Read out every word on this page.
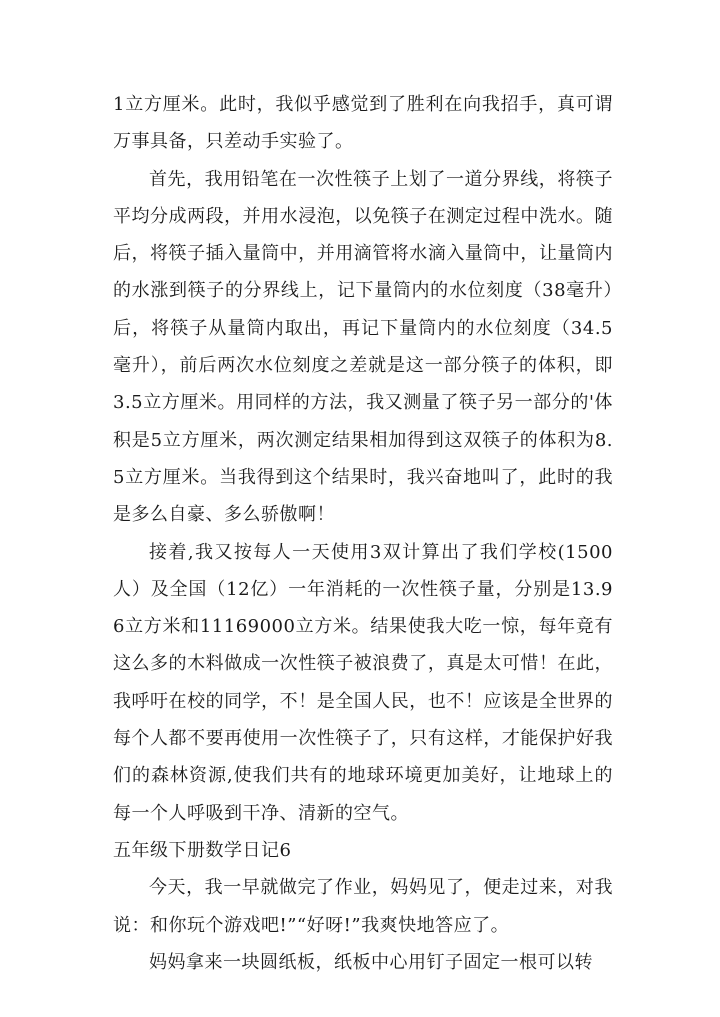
1立方厘米。此时，我似乎感觉到了胜利在向我招手，真可谓万事具备，只差动手实验了。

首先，我用铅笔在一次性筷子上划了一道分界线，将筷子平均分成两段，并用水浸泡，以免筷子在测定过程中洗水。随后，将筷子插入量筒中，并用滴管将水滴入量筒中，让量筒内的水涨到筷子的分界线上，记下量筒内的水位刻度（38毫升）后，将筷子从量筒内取出，再记下量筒内的水位刻度（34.5毫升），前后两次水位刻度之差就是这一部分筷子的体积，即3.5立方厘米。用同样的方法，我又测量了筷子另一部分的'体积是5立方厘米，两次测定结果相加得到这双筷子的体积为8.5立方厘米。当我得到这个结果时，我兴奋地叫了，此时的我是多么自豪、多么骄傲啊！

接着,我又按每人一天使用3双计算出了我们学校(1500人）及全国（12亿）一年消耗的一次性筷子量，分别是13.96立方米和11169000立方米。结果使我大吃一惊，每年竟有这么多的木料做成一次性筷子被浪费了，真是太可惜！在此，我呼吁在校的同学，不！是全国人民，也不！应该是全世界的每个人都不要再使用一次性筷子了，只有这样，才能保护好我们的森林资源,使我们共有的地球环境更加美好，让地球上的每一个人呼吸到干净、清新的空气。

五年级下册数学日记6

今天，我一早就做完了作业，妈妈见了，便走过来，对我说：和你玩个游戏吧!”“好呀!”我爽快地答应了。

妈妈拿来一块圆纸板，纸板中心用钉子固定一根可以转
